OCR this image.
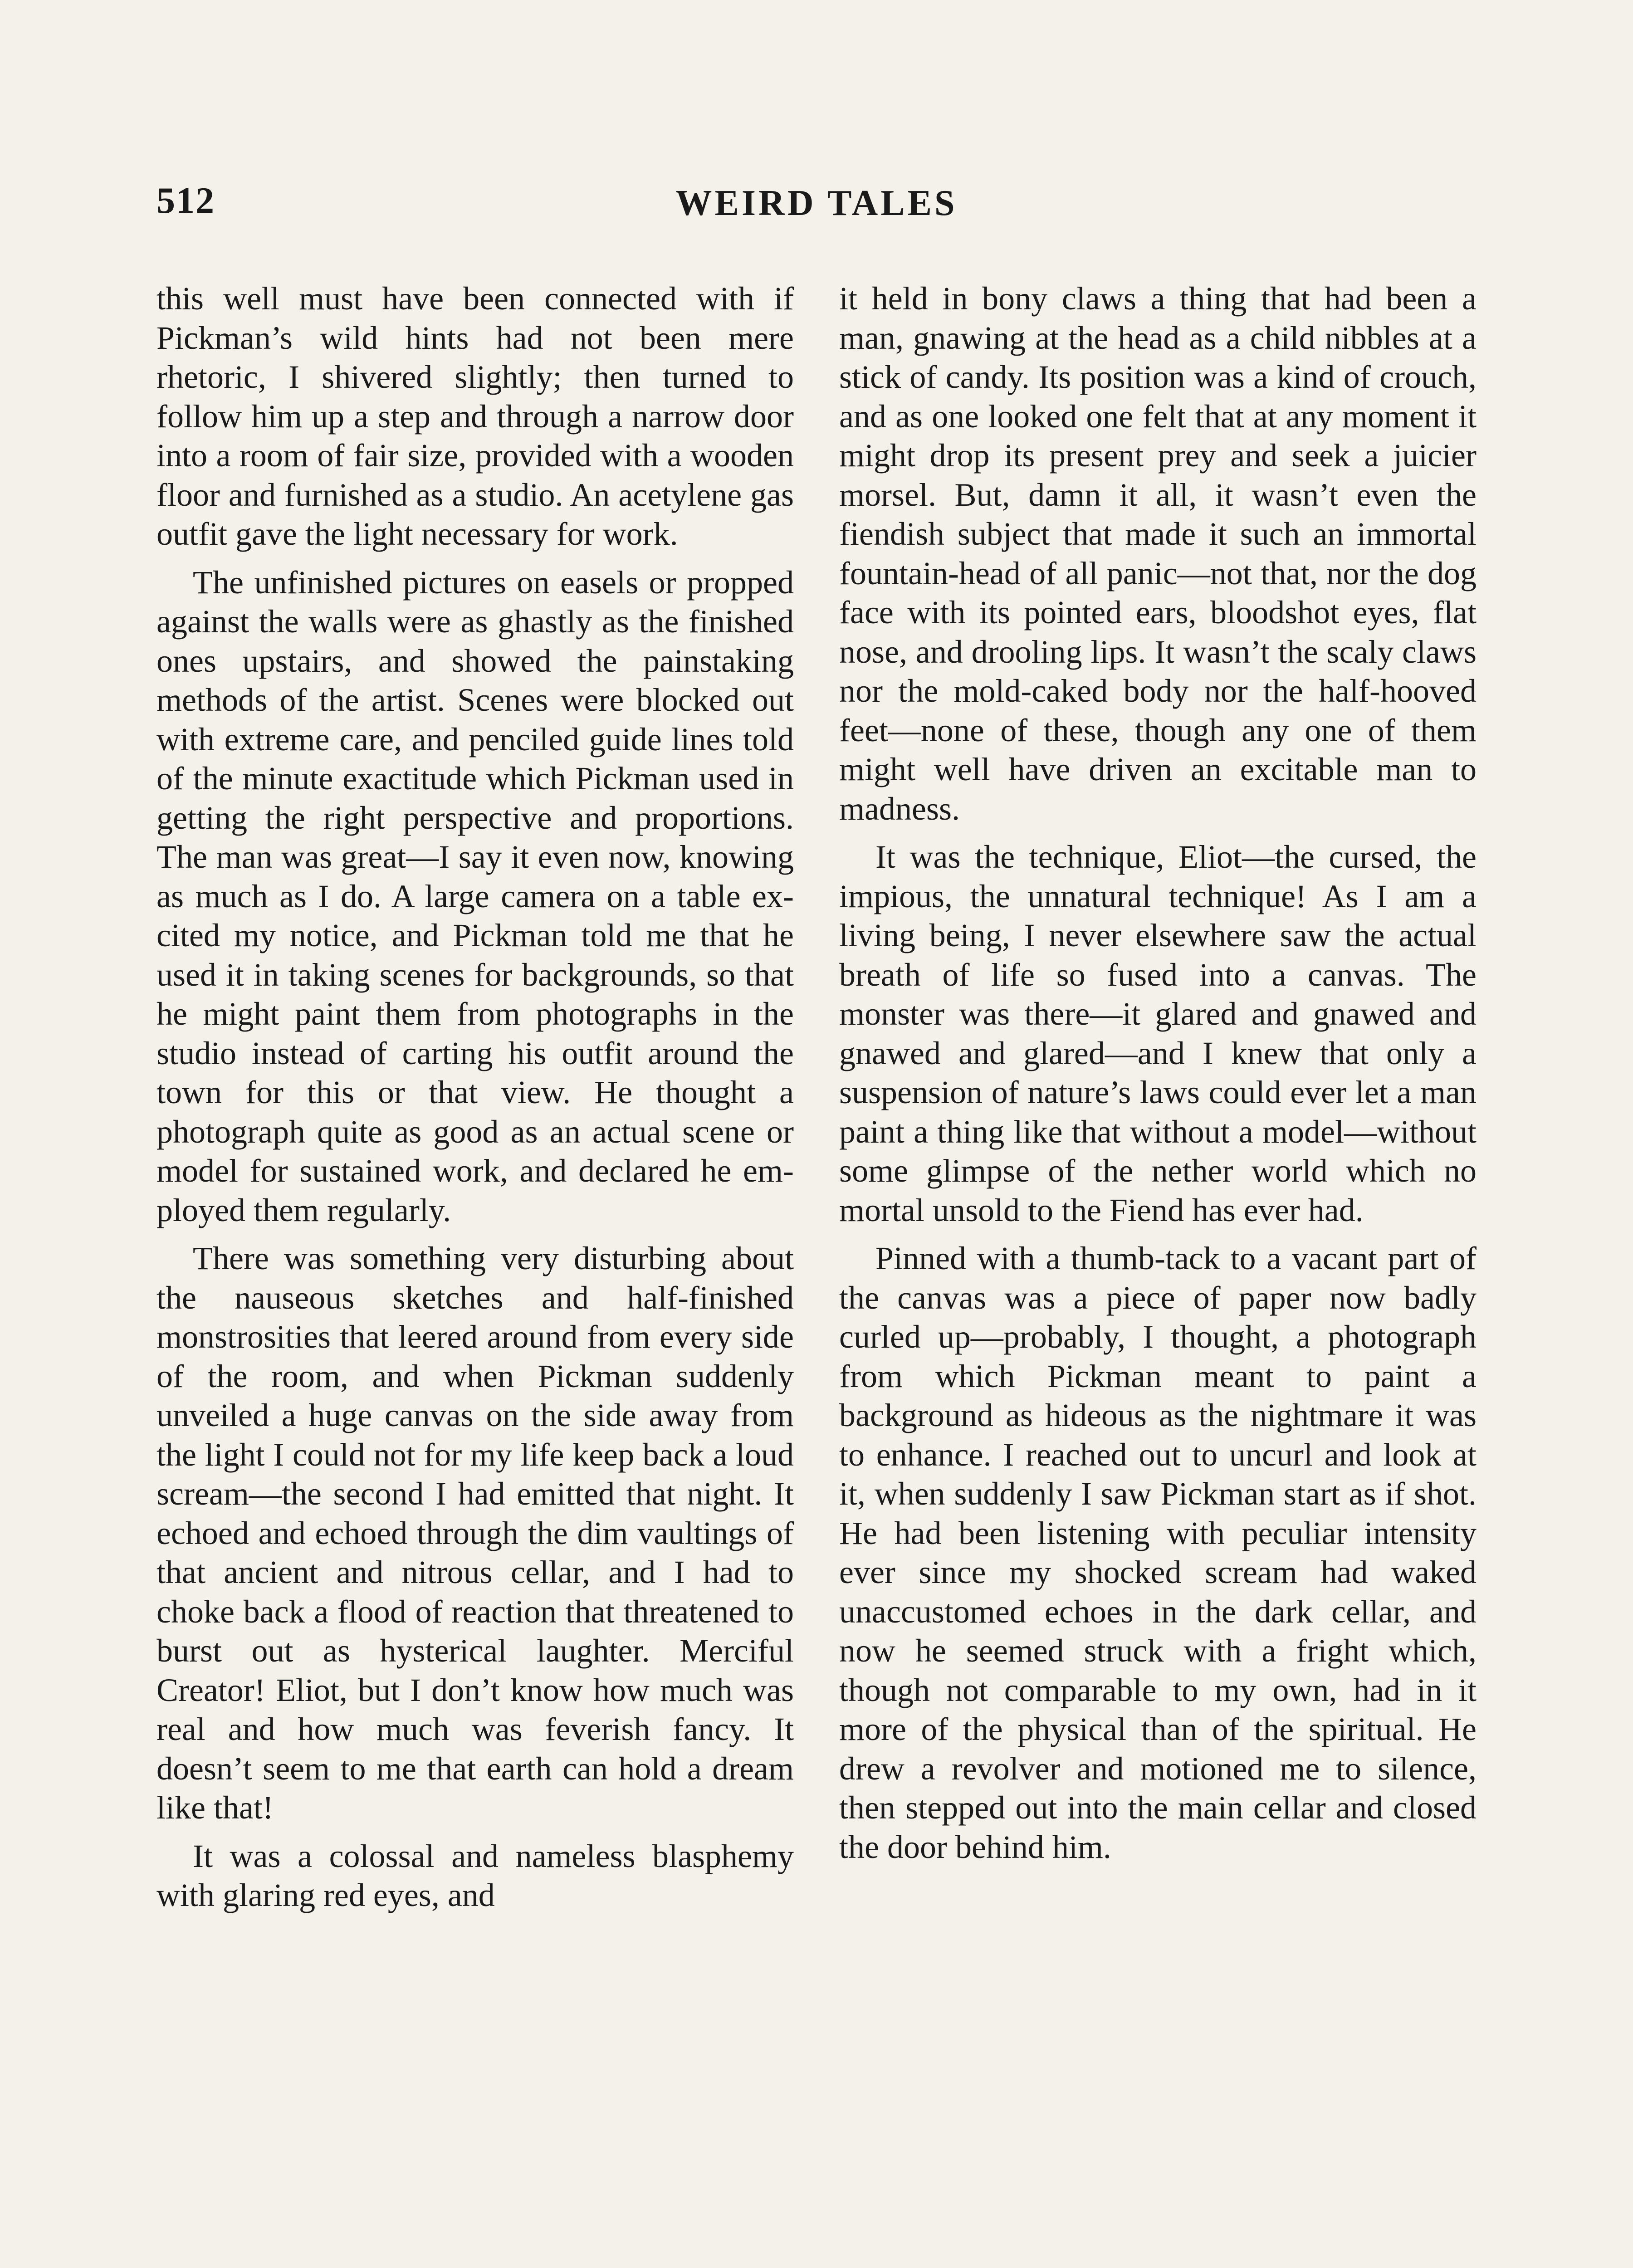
512	WEIRD TALES

this well must have been connected with if Pickman’s wild hints had not been mere rhetoric, I shivered slightly; then turned to follow him up a step and through a narrow door into a room of fair size, provided with a wooden floor and furnished as a studio. An acetylene gas outfit gave the light necessary for work.

The unfinished pictures on easels or propped against the walls were as ghastly as the finished ones upstairs, and showed the painstaking methods of the artist. Scenes were blocked out with extreme care, and penciled guide lines told of the minute exactitude which Pickman used in getting the right perspective and proportions. The man was great—I say it even now, knowing as much as I do. A large camera on a table excited my notice, and Pickman told me that he used it in taking scenes for backgrounds, so that he might paint them from photographs in the studio instead of carting his outfit around the town for this or that view. He thought a photograph quite as good as an actual scene or model for sustained work, and declared he employed them regularly.

There was something very disturbing about the nauseous sketches and half-finished monstrosities that leered around from every side of the room, and when Pickman suddenly unveiled a huge canvas on the side away from the light I could not for my life keep back a loud scream—the second I had emitted that night. It echoed and echoed through the dim vaultings of that ancient and nitrous cellar, and I had to choke back a flood of reaction that threatened to burst out as hysterical laughter. Merciful Creator! Eliot, but I don’t know how much was real and how much was feverish fancy. It doesn’t seem to me that earth can hold a dream like that!

It was a colossal and nameless blasphemy with glaring red eyes, and

it held in bony claws a thing that had been a man, gnawing at the head as a child nibbles at a stick of candy. Its position was a kind of crouch, and as one looked one felt that at any moment it might drop its present prey and seek a juicier morsel. But, damn it all, it wasn’t even the fiendish subject that made it such an immortal fountain-head of all panic—not that, nor the dog face with its pointed ears, bloodshot eyes, flat nose, and drooling lips. It wasn’t the scaly claws nor the mold-caked body nor the half-hooved feet—none of these, though any one of them might well have driven an excitable man to madness.

It was the technique, Eliot—the cursed, the impious, the unnatural technique! As I am a living being, I never elsewhere saw the actual breath of life so fused into a canvas. The monster was there—it glared and gnawed and gnawed and glared—and I knew that only a suspension of nature’s laws could ever let a man paint a thing like that without a model—without some glimpse of the nether world which no mortal unsold to the Fiend has ever had.

Pinned with a thumb-tack to a vacant part of the canvas was a piece of paper now badly curled up—probably, I thought, a photograph from which Pickman meant to paint a background as hideous as the nightmare it was to enhance. I reached out to uncurl and look at it, when suddenly I saw Pickman start as if shot. He had been listening with peculiar intensity ever since my shocked scream had waked unaccustomed echoes in the dark cellar, and now he seemed struck with a fright which, though not comparable to my own, had in it more of the physical than of the spiritual. He drew a revolver and motioned me to silence, then stepped out into the main cellar and closed the door behind him.
